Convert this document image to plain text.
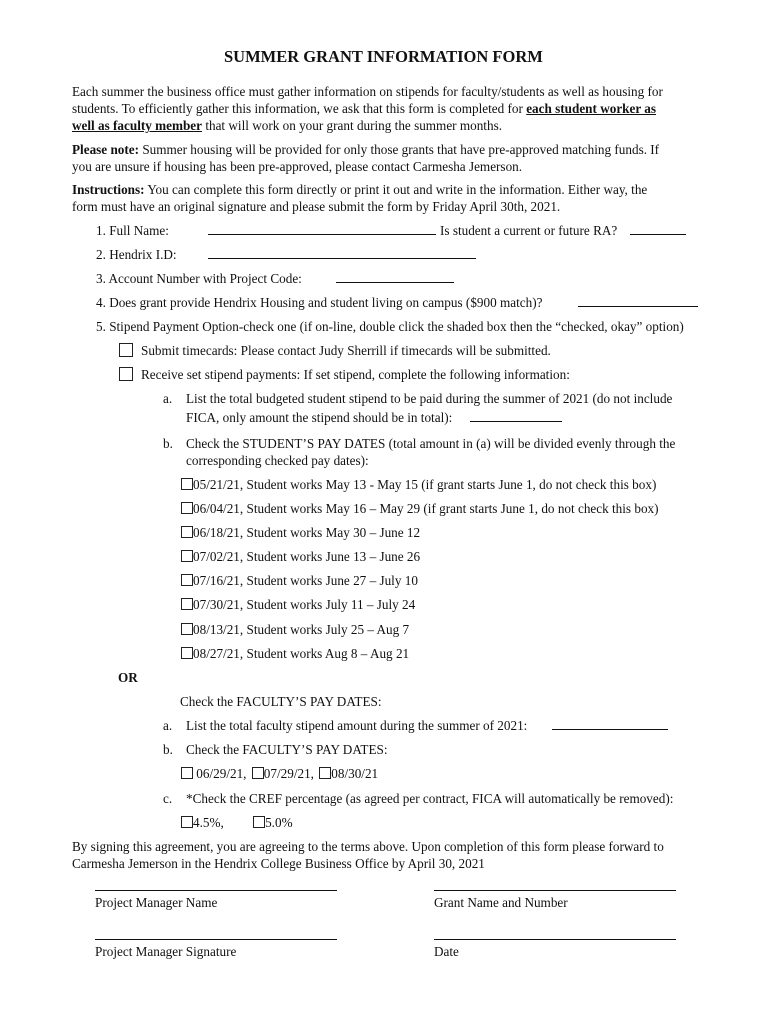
SUMMER GRANT INFORMATION FORM
Each summer the business office must gather information on stipends for faculty/students as well as housing for
students. To efficiently gather this information, we ask that this form is completed for each student worker as
well as faculty member that will work on your grant during the summer months.
Please note: Summer housing will be provided for only those grants that have pre-approved matching funds. If
you are unsure if housing has been pre-approved, please contact Carmesha Jemerson.
Instructions: You can complete this form directly or print it out and write in the information. Either way, the
form must have an original signature and please submit the form by Friday April 30th, 2021.
1. Full Name:	Is student a current or future RA?
2. Hendrix I.D:
3. Account Number with Project Code:
4. Does grant provide Hendrix Housing and student living on campus ($900 match)?
5. Stipend Payment Option-check one (if on-line, double click the shaded box then the “checked, okay” option)
Submit timecards: Please contact Judy Sherrill if timecards will be submitted.
Receive set stipend payments: If set stipend, complete the following information:
a. List the total budgeted student stipend to be paid during the summer of 2021 (do not include
FICA, only amount the stipend should be in total):
b. Check the STUDENT’S PAY DATES (total amount in (a) will be divided evenly through the
corresponding checked pay dates):
05/21/21, Student works May 13 - May 15 (if grant starts June 1, do not check this box)
06/04/21, Student works May 16 – May 29 (if grant starts June 1, do not check this box)
06/18/21, Student works May 30 – June 12
07/02/21, Student works June 13 – June 26
07/16/21, Student works June 27 – July 10
07/30/21, Student works July 11 – July 24
08/13/21, Student works July 25 – Aug 7
08/27/21, Student works Aug 8 – Aug 21
OR
Check the FACULTY’S PAY DATES:
a. List the total faculty stipend amount during the summer of 2021:
b. Check the FACULTY’S PAY DATES:
06/29/21, 07/29/21, 08/30/21
c. *Check the CREF percentage (as agreed per contract, FICA will automatically be removed):
4.5%,	5.0%
By signing this agreement, you are agreeing to the terms above. Upon completion of this form please forward to
Carmesha Jemerson in the Hendrix College Business Office by April 30, 2021
Project Manager Name	Grant Name and Number
Project Manager Signature	Date
